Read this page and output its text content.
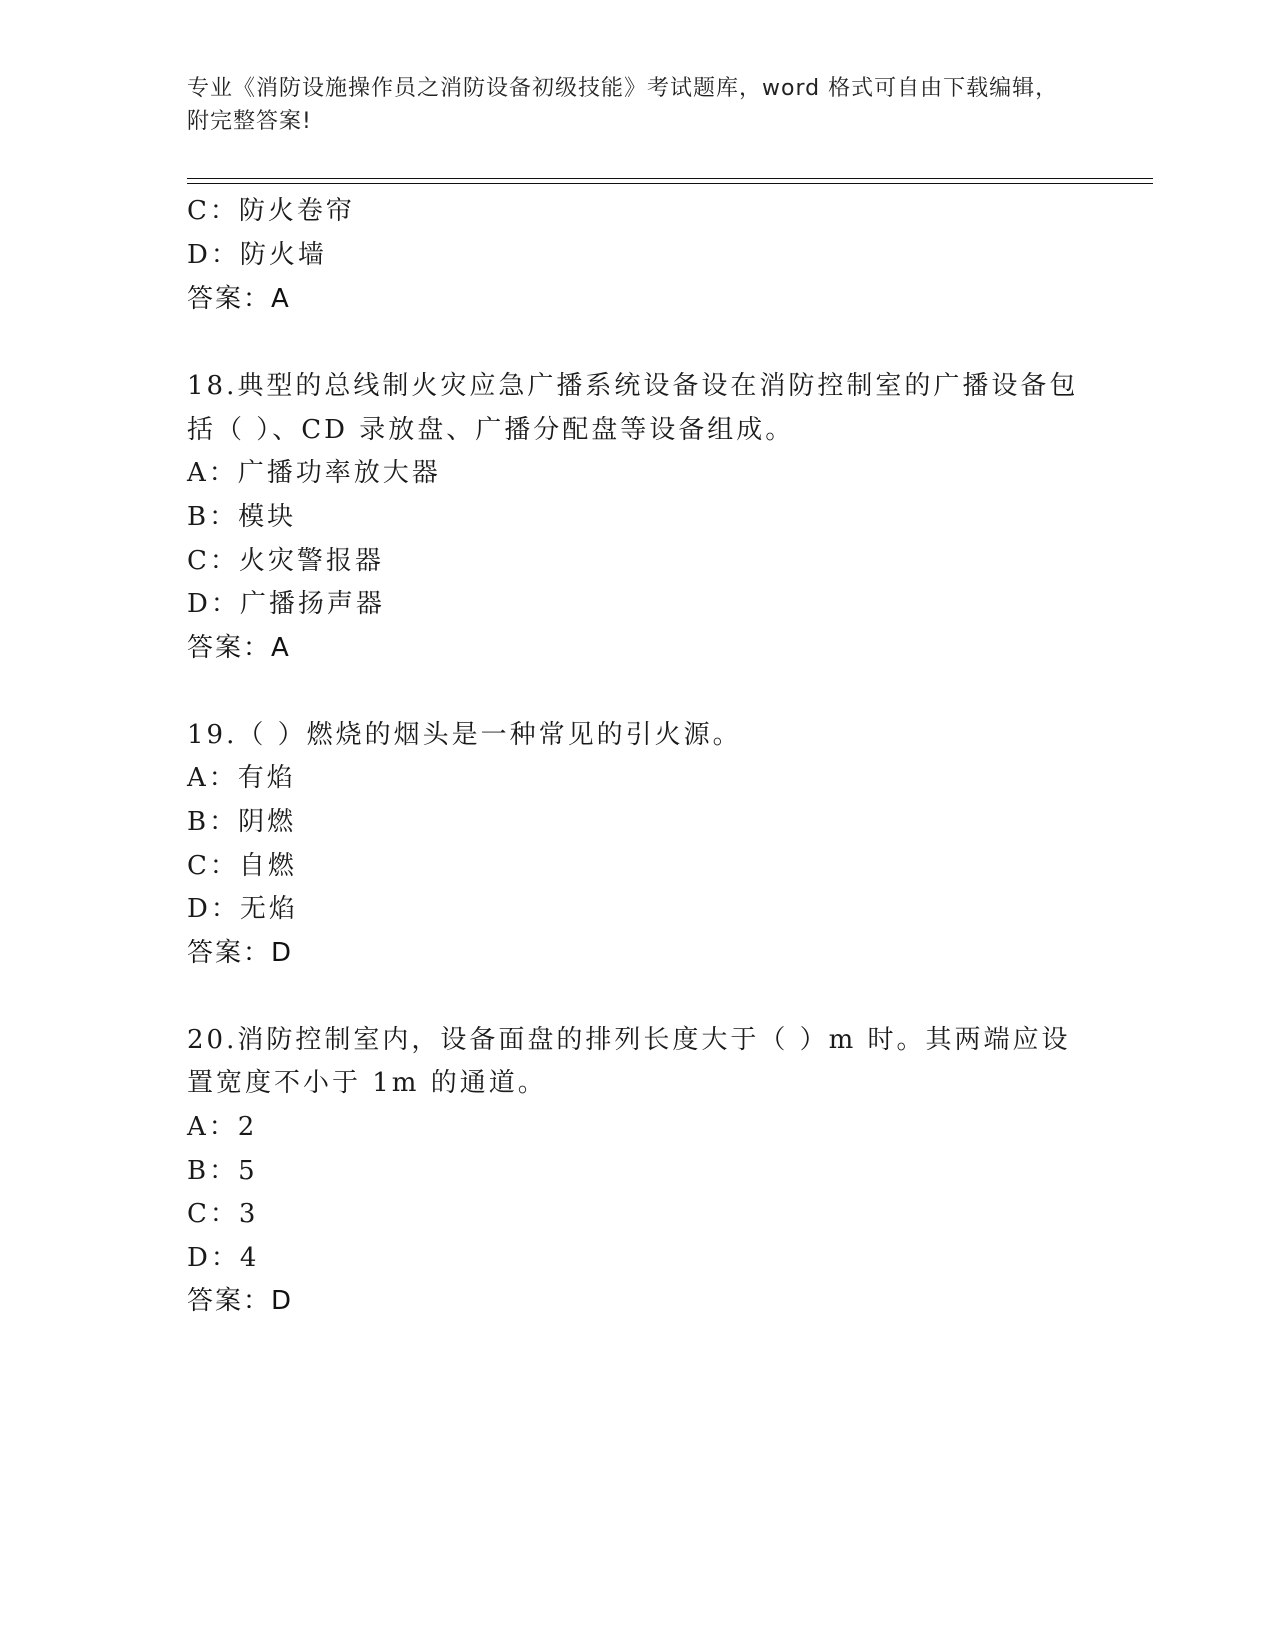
专业《消防设施操作员之消防设备初级技能》考试题库，word 格式可自由下载编辑，附完整答案!
C：防火卷帘
D：防火墙
答案：A
18.典型的总线制火灾应急广播系统设备设在消防控制室的广播设备包
括（ ）、CD 录放盘、广播分配盘等设备组成。
A：广播功率放大器
B：模块
C：火灾警报器
D：广播扬声器
答案：A
19.（ ）燃烧的烟头是一种常见的引火源。
A：有焰
B：阴燃
C：自燃
D：无焰
答案：D
20.消防控制室内，设备面盘的排列长度大于（ ）m 时。其两端应设
置宽度不小于 1m 的通道。
A：2
B：5
C：3
D：4
答案：D
